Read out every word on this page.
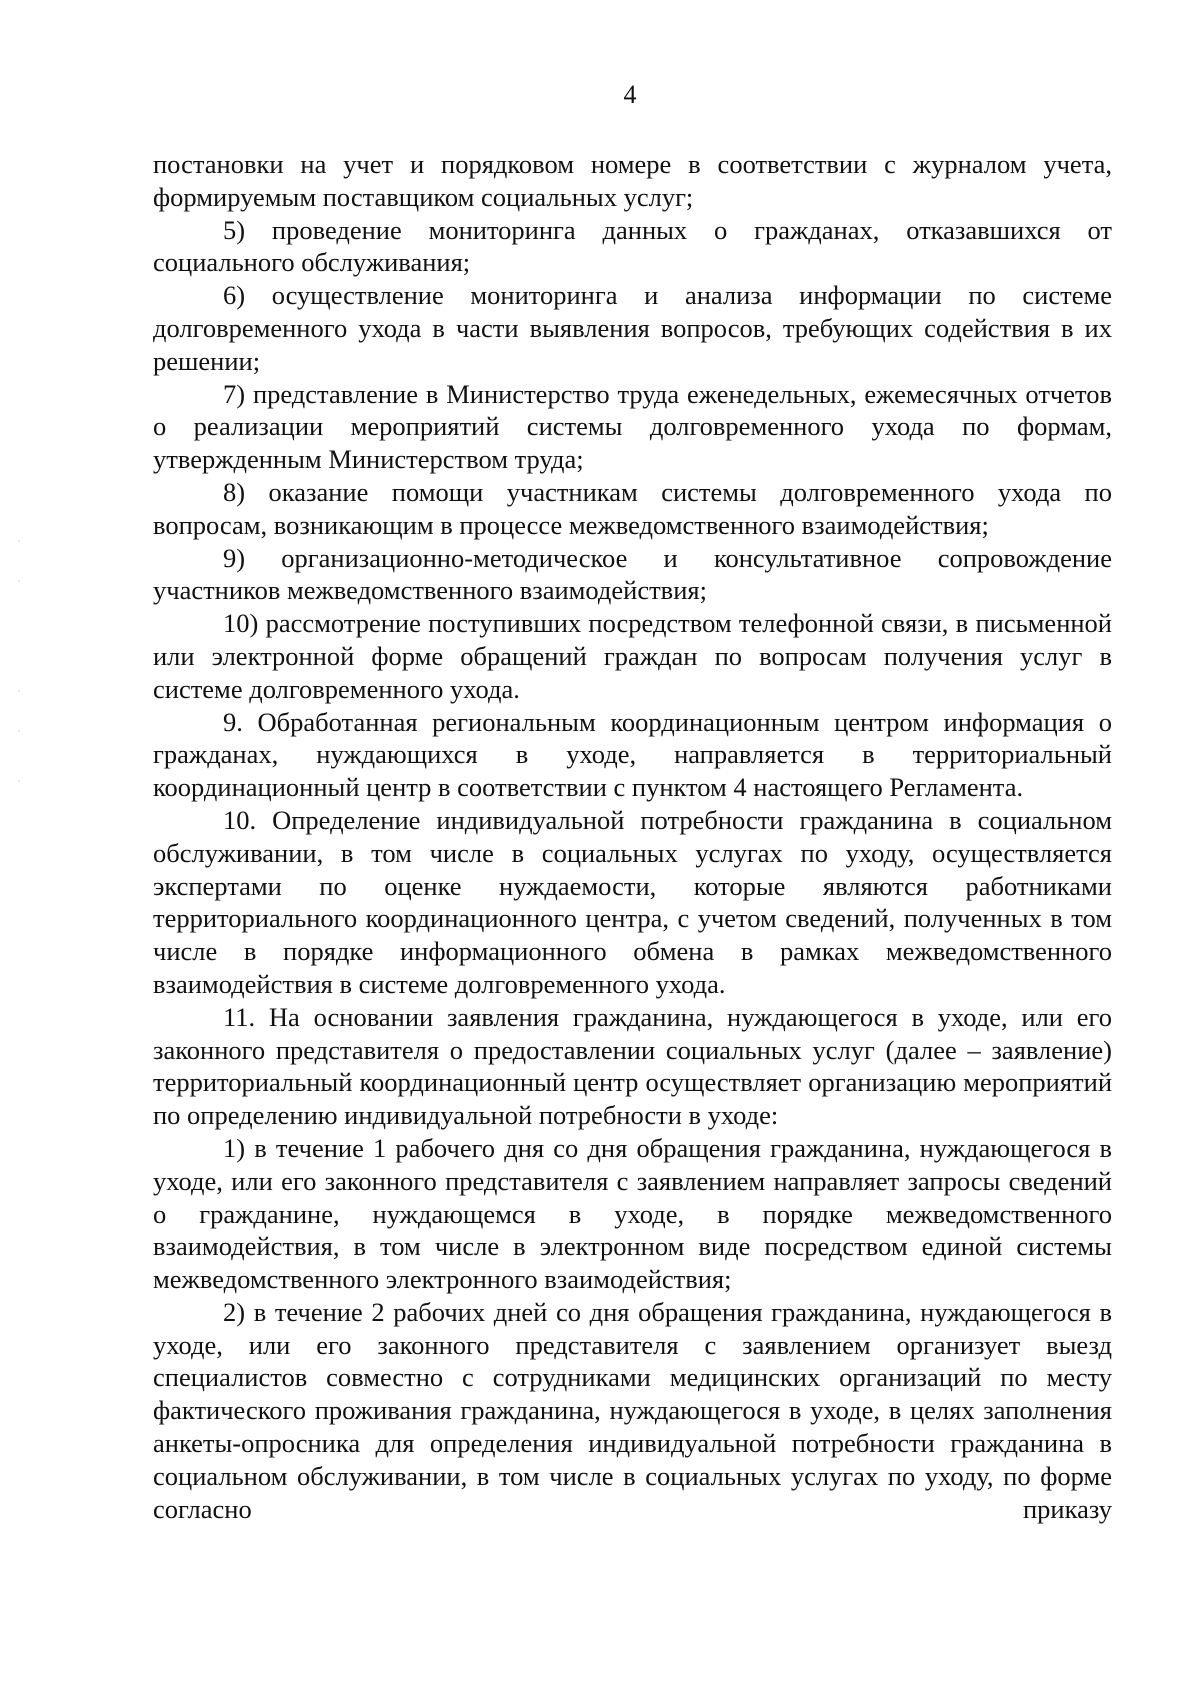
4

постановки на учет и порядковом номере в соответствии с журналом учета, формируемым поставщиком социальных услуг;

5) проведение мониторинга данных о гражданах, отказавшихся от социального обслуживания;

6) осуществление мониторинга и анализа информации по системе долговременного ухода в части выявления вопросов, требующих содействия в их решении;

7) представление в Министерство труда еженедельных, ежемесячных отчетов о реализации мероприятий системы долговременного ухода по формам, утвержденным Министерством труда;

8) оказание помощи участникам системы долговременного ухода по вопросам, возникающим в процессе межведомственного взаимодействия;

9) организационно-методическое и консультативное сопровождение участников межведомственного взаимодействия;

10) рассмотрение поступивших посредством телефонной связи, в письменной или электронной форме обращений граждан по вопросам получения услуг в системе долговременного ухода.

9. Обработанная региональным координационным центром информация о гражданах, нуждающихся в уходе, направляется в территориальный координационный центр в соответствии с пунктом 4 настоящего Регламента.

10. Определение индивидуальной потребности гражданина в социальном обслуживании, в том числе в социальных услугах по уходу, осуществляется экспертами по оценке нуждаемости, которые являются работниками территориального координационного центра, с учетом сведений, полученных в том числе в порядке информационного обмена в рамках межведомственного взаимодействия в системе долговременного ухода.

11. На основании заявления гражданина, нуждающегося в уходе, или его законного представителя о предоставлении социальных услуг (далее – заявление) территориальный координационный центр осуществляет организацию мероприятий по определению индивидуальной потребности в уходе:

1) в течение 1 рабочего дня со дня обращения гражданина, нуждающегося в уходе, или его законного представителя с заявлением направляет запросы сведений о гражданине, нуждающемся в уходе, в порядке межведомственного взаимодействия, в том числе в электронном виде посредством единой системы межведомственного электронного взаимодействия;

2) в течение 2 рабочих дней со дня обращения гражданина, нуждающегося в уходе, или его законного представителя с заявлением организует выезд специалистов совместно с сотрудниками медицинских организаций по месту фактического проживания гражданина, нуждающегося в уходе, в целях заполнения анкеты-опросника для определения индивидуальной потребности гражданина в социальном обслуживании, в том числе в социальных услугах по уходу, по форме согласно приказу
